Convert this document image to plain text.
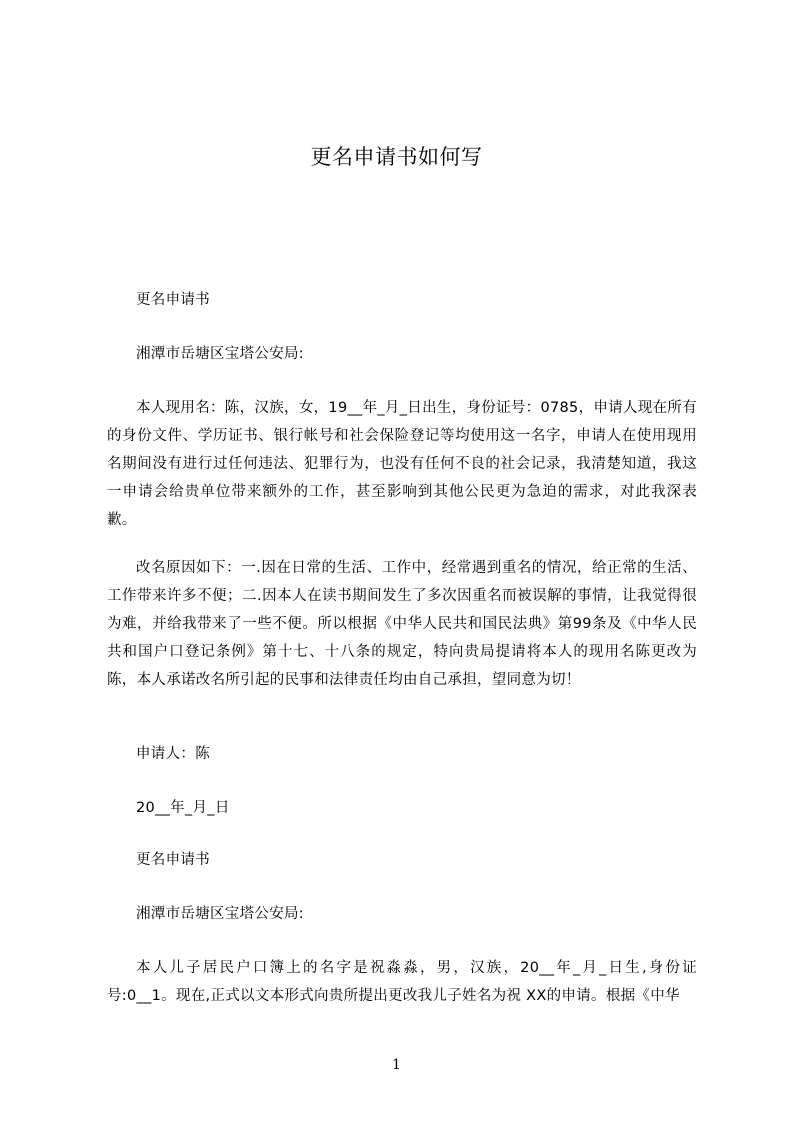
更名申请书如何写
更名申请书
湘潭市岳塘区宝塔公安局:
本人现用名：陈，汉族，女，19__年_月_日出生，身份证号：0785，申请人现在所有的身份文件、学历证书、银行帐号和社会保险登记等均使用这一名字，申请人在使用现用名期间没有进行过任何违法、犯罪行为，也没有任何不良的社会记录，我清楚知道，我这一申请会给贵单位带来额外的工作，甚至影响到其他公民更为急迫的需求，对此我深表歉。
改名原因如下：一.因在日常的生活、工作中，经常遇到重名的情况，给正常的生活、工作带来许多不便；二.因本人在读书期间发生了多次因重名而被误解的事情，让我觉得很为难，并给我带来了一些不便。所以根据《中华人民共和国民法典》第99条及《中华人民共和国户口登记条例》第十七、十八条的规定，特向贵局提请将本人的现用名陈更改为陈，本人承诺改名所引起的民事和法律责任均由自己承担，望同意为切！
申请人：陈
20__年_月_日
更名申请书
湘潭市岳塘区宝塔公安局:
本人儿子居民户口簿上的名字是祝淼淼，男，汉族，20__年_月_日生,身份证号:0__1。现在,正式以文本形式向贵所提出更改我儿子姓名为祝 XX的申请。根据《中华
1
